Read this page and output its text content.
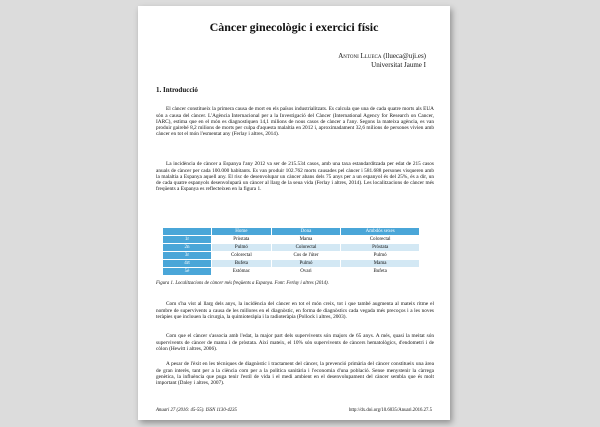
Càncer ginecològic i exercici físic
Antoni Llueca (llueca@uji.es)
Universitat Jaume I
1. Introducció

El càncer constitueix la primera causa de mort en els països industrialitzats. Es calcula que una de cada quatre morts als EUA són a causa del càncer. L'Agència Internacional per a la Investigació del Càncer (International Agency for Research on Cancer, IARC), estima que en el món es diagnostiquen 14,1 milions de nous casos de càncer a l'any. Segons la mateixa agència, es van produir gairebé 8,2 milions de morts per culpa d'aquesta malaltia en 2012 i, aproximadament 32,6 milions de persones vivien amb càncer en tot el món l'esmentat any (Ferlay i altres, 2014).

La incidència de càncer a Espanya l'any 2012 va ser de 215.534 casos, amb una taxa estandarditzada per edat de 215 casos anuals de càncer per cada 100.000 habitants. Es van produir 102.762 morts causades pel càncer i 581.688 persones visqueren amb la malaltia a Espanya aquell any. El risc de desenvolupar un càncer abans dels 75 anys per a un espanyol és del 25%, és a dir, un de cada quatre espanyols desenvoluparà un càncer al llarg de la seua vida (Ferlay i altres, 2014). Les localitzacions de càncer més freqüents a Espanya es reflecteixen en la figura 1.

	Home	Dona	Ambdós sexes
1r	Pròstata	Mama	Colorectal
2n	Pulmó	Colorectal	Pròstata
3r	Colorectal	Cos de l'úter	Pulmó
4rt	Bufeta	Pulmó	Mama
5è	Estómac	Ovari	Bufeta
Figura 1. Localitzacions de càncer més freqüents a Espanya. Font: Ferlay i altres (2014).

Com s'ha vist al llarg dels anys, la incidència del càncer en tot el món creix, tot i que també augmenta al mateix ritme el nombre de supervivents a causa de les millores en el diagnòstic, en forma de diagnòstics cada vegada més precoços i a les noves teràpies que inclouen la cirurgia, la quimioteràpia i la radioteràpia (Pollock i altres, 2003).

Com que el càncer s'associa amb l'edat, la major part dels supervivents són majors de 65 anys. A més, quasi la meitat són supervivents de càncer de mama i de pròstata. Així mateix, el 10% són supervivents de càncers hematològics, d'endometri i de còlon (Hewitt i altres, 2006).

A pesar de l'èxit en les tècniques de diagnòstic i tractament del càncer, la prevenció primària del càncer constitueix una àrea de gran interès, tant per a la ciència com per a la política sanitària i l'economia d'una població. Sense menystenir la càrrega genètica, la influència que puga tenir l'estil de vida i el medi ambient en el desenvolupament del càncer sembla que és molt important (Daley i altres, 2007).

Anuari 27 (2016: 45-55). ISSN 1130-4235	http://dx.doi.org/10.6035/Anuari.2016.27.5
